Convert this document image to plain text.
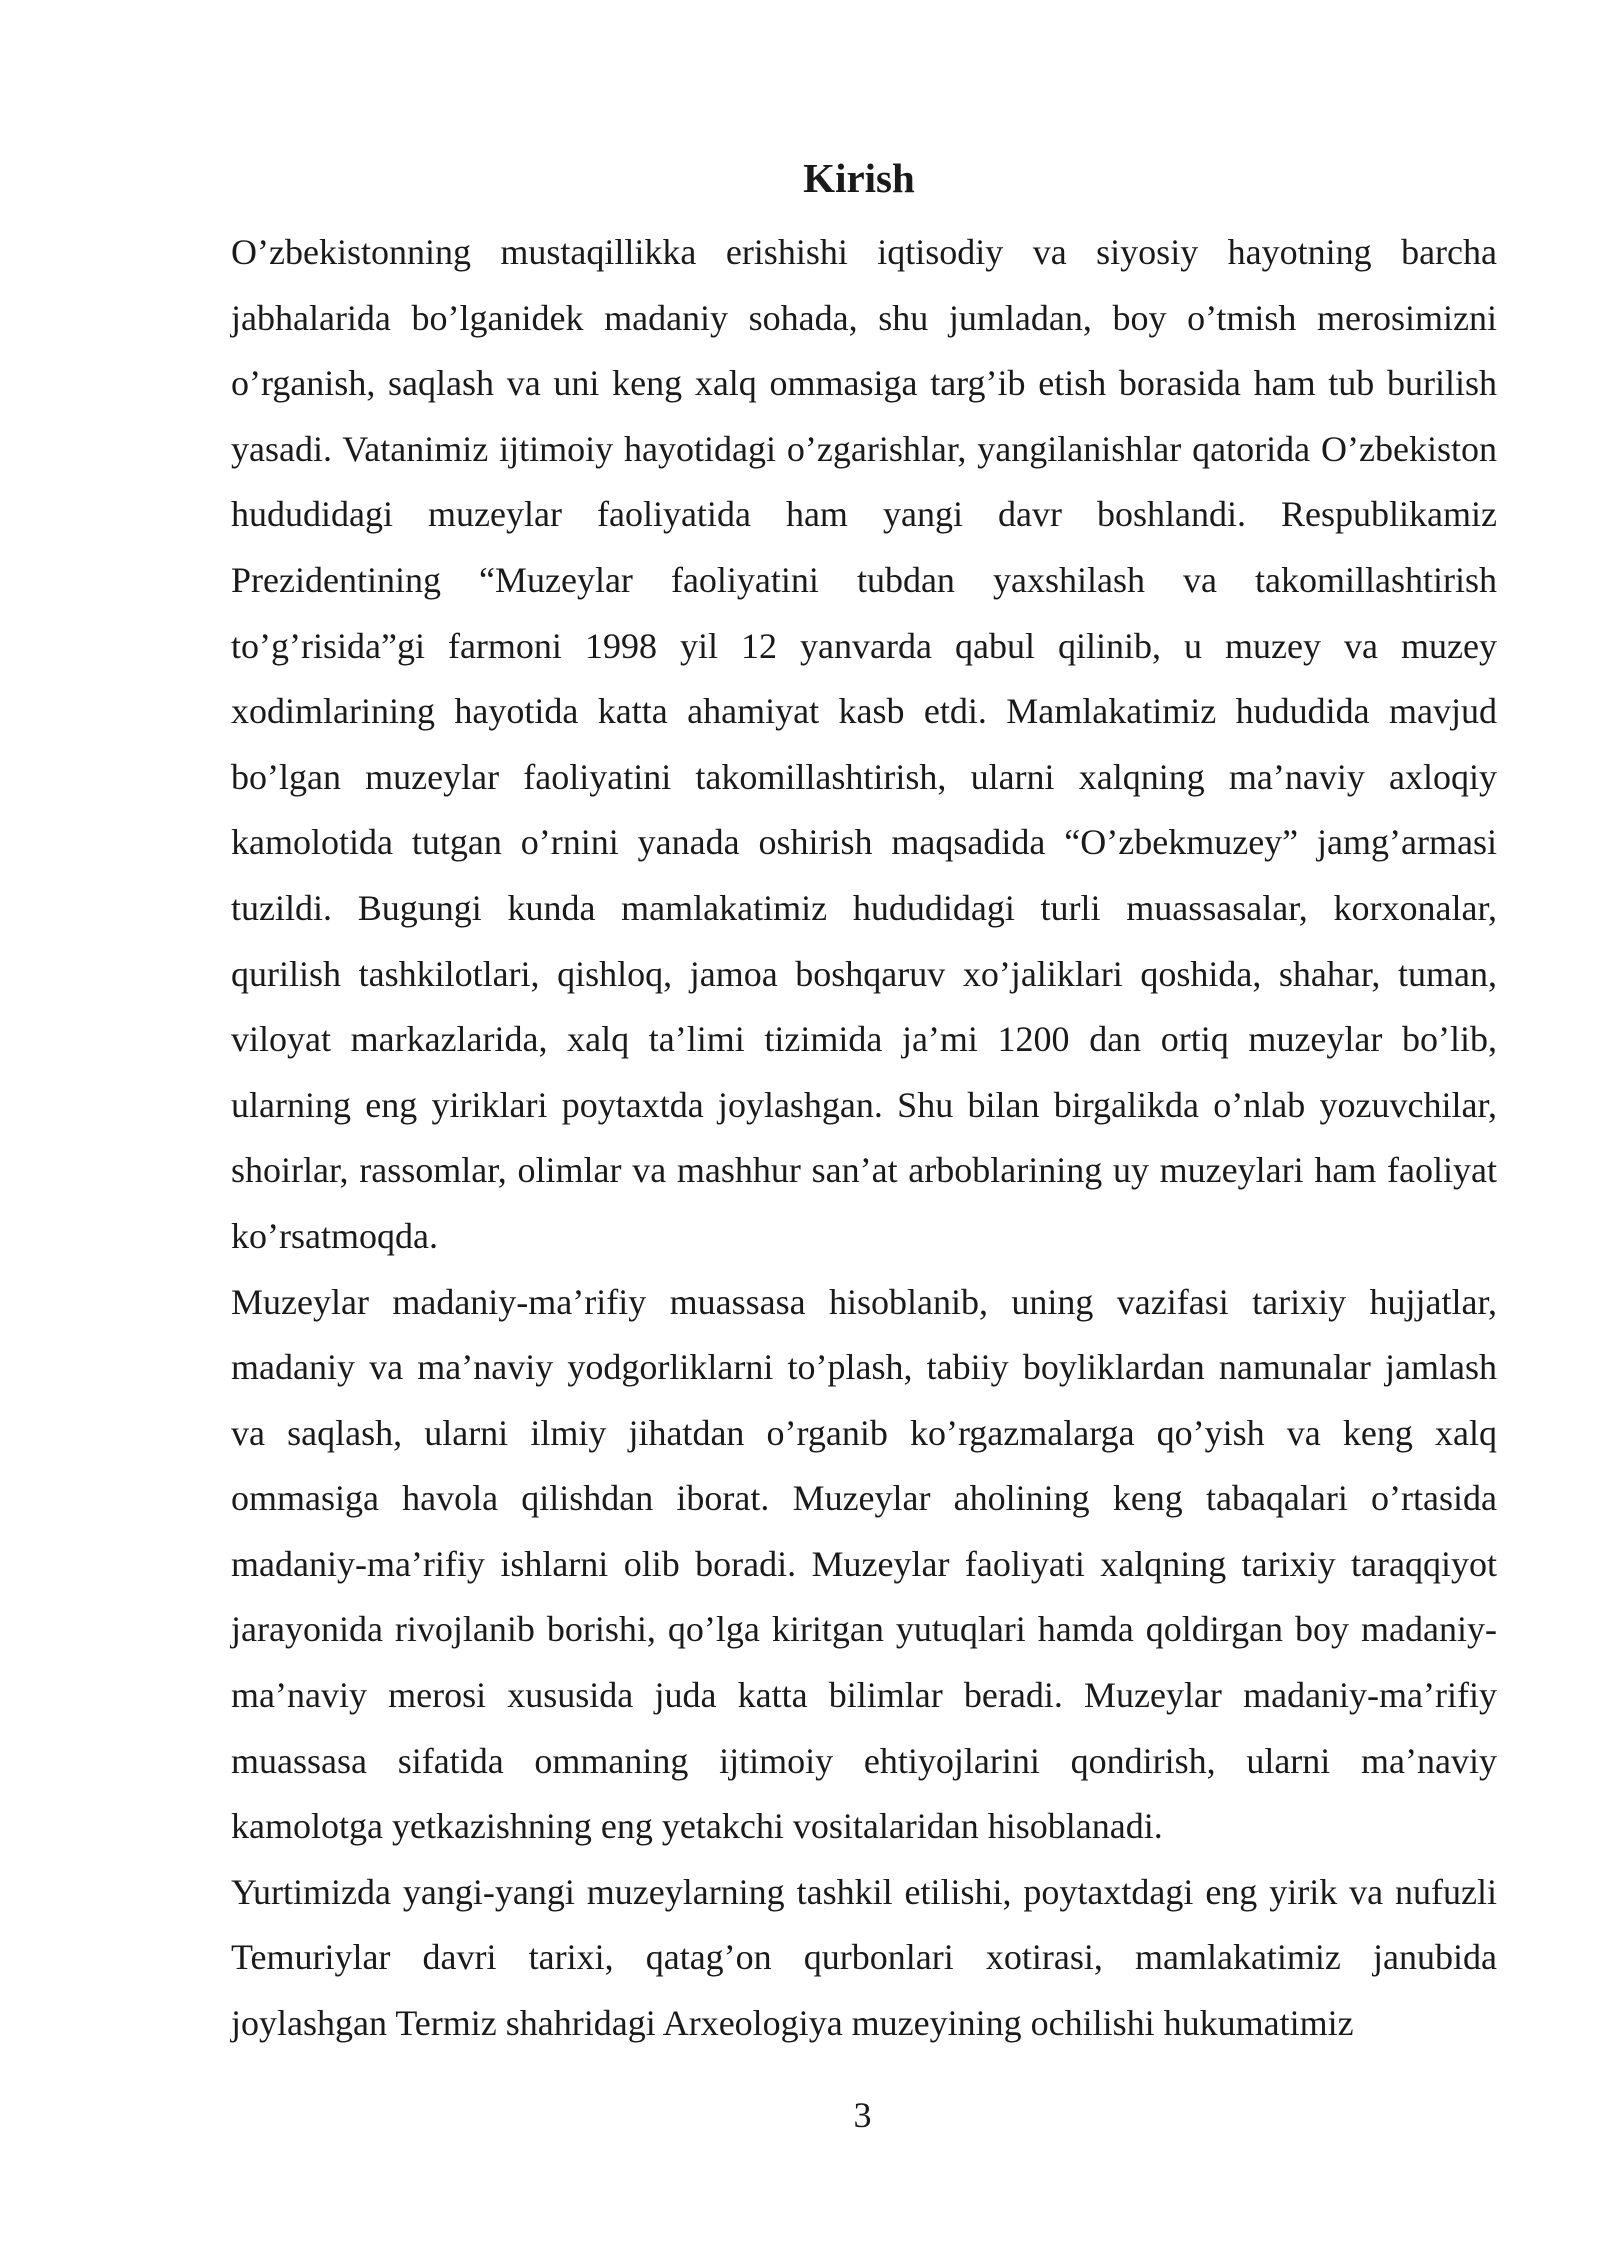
Kirish

O’zbekistonning mustaqillikka erishishi iqtisodiy va siyosiy hayotning barcha jabhalarida bo’lganidek madaniy sohada, shu jumladan, boy o’tmish merosimizni o’rganish, saqlash va uni keng xalq ommasiga targ’ib etish borasida ham tub burilish yasadi. Vatanimiz ijtimoiy hayotidagi o’zgarishlar, yangilanishlar qatorida O’zbekiston hududidagi muzeylar faoliyatida ham yangi davr boshlandi. Respublikamiz Prezidentining “Muzeylar faoliyatini tubdan yaxshilash va takomillashtirish to’g’risida”gi farmoni 1998 yil 12 yanvarda qabul qilinib, u muzey va muzey xodimlarining hayotida katta ahamiyat kasb etdi. Mamlakatimiz hududida mavjud bo’lgan muzeylar faoliyatini takomillashtirish, ularni xalqning ma’naviy axloqiy kamolotida tutgan o’rnini yanada oshirish maqsadida “O’zbekmuzey” jamg’armasi tuzildi. Bugungi kunda mamlakatimiz hududidagi turli muassasalar, korxonalar, qurilish tashkilotlari, qishloq, jamoa boshqaruv xo’jaliklari qoshida, shahar, tuman, viloyat markazlarida, xalq ta’limi tizimida ja’mi 1200 dan ortiq muzeylar bo’lib, ularning eng yiriklari poytaxtda joylashgan. Shu bilan birgalikda o’nlab yozuvchilar, shoirlar, rassomlar, olimlar va mashhur san’at arboblarining uy muzeylari ham faoliyat ko’rsatmoqda.

Muzeylar madaniy-ma’rifiy muassasa hisoblanib, uning vazifasi tarixiy hujjatlar, madaniy va ma’naviy yodgorliklarni to’plash, tabiiy boyliklardan namunalar jamlash va saqlash, ularni ilmiy jihatdan o’rganib ko’rgazmalarga qo’yish va keng xalq ommasiga havola qilishdan iborat. Muzeylar aholining keng tabaqalari o’rtasida madaniy-ma’rifiy ishlarni olib boradi. Muzeylar faoliyati xalqning tarixiy taraqqiyot jarayonida rivojlanib borishi, qo’lga kiritgan yutuqlari hamda qoldirgan boy madaniy-ma’naviy merosi xususida juda katta bilimlar beradi. Muzeylar madaniy-ma’rifiy muassasa sifatida ommaning ijtimoiy ehtiyojlarini qondirish, ularni ma’naviy kamolotga yetkazishning eng yetakchi vositalaridan hisoblanadi.

Yurtimizda yangi-yangi muzeylarning tashkil etilishi, poytaxtdagi eng yirik va nufuzli Temuriylar davri tarixi, qatag’on qurbonlari xotirasi, mamlakatimiz janubida joylashgan Termiz shahridagi Arxeologiya muzeyining ochilishi hukumatimiz

3
